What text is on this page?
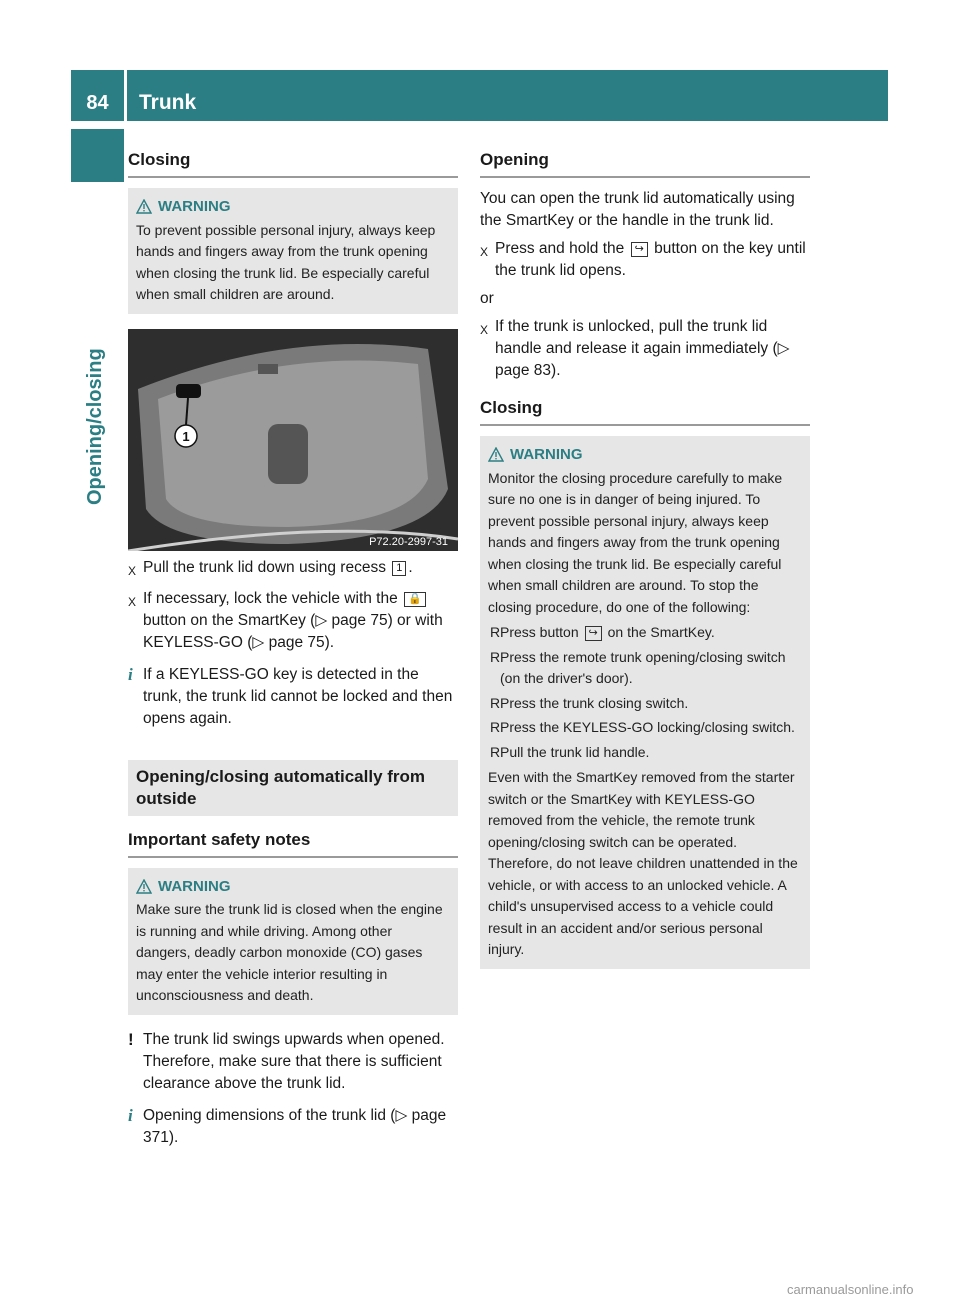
84	Trunk
Opening/closing
Closing
WARNING
To prevent possible personal injury, always keep hands and fingers away from the trunk opening when closing the trunk lid. Be especially careful when small children are around.
1
P72.20-2997-31
X Pull the trunk lid down using recess 1 .
X If necessary, lock the vehicle with the 🔒 button on the SmartKey (▷ page 75) or with KEYLESS-GO (▷ page 75).
i If a KEYLESS-GO key is detected in the trunk, the trunk lid cannot be locked and then opens again.
Opening/closing automatically from outside
Important safety notes
WARNING
Make sure the trunk lid is closed when the engine is running and while driving. Among other dangers, deadly carbon monoxide (CO) gases may enter the vehicle interior resulting in unconsciousness and death.
! The trunk lid swings upwards when opened. Therefore, make sure that there is sufficient clearance above the trunk lid.
i Opening dimensions of the trunk lid (▷ page 371).
Opening
You can open the trunk lid automatically using the SmartKey or the handle in the trunk lid.
X Press and hold the ↪ button on the key until the trunk lid opens.
or
X If the trunk is unlocked, pull the trunk lid handle and release it again immediately (▷ page 83).
Closing
WARNING
Monitor the closing procedure carefully to make sure no one is in danger of being injured. To prevent possible personal injury, always keep hands and fingers away from the trunk opening when closing the trunk lid. Be especially careful when small children are around. To stop the closing procedure, do one of the following:
R Press button ↪ on the SmartKey.
R Press the remote trunk opening/closing switch (on the driver's door).
R Press the trunk closing switch.
R Press the KEYLESS-GO locking/closing switch.
R Pull the trunk lid handle.
Even with the SmartKey removed from the starter switch or the SmartKey with KEYLESS-GO removed from the vehicle, the remote trunk opening/closing switch can be operated. Therefore, do not leave children unattended in the vehicle, or with access to an unlocked vehicle. A child's unsupervised access to a vehicle could result in an accident and/or serious personal injury.
carmanualsonline.info
